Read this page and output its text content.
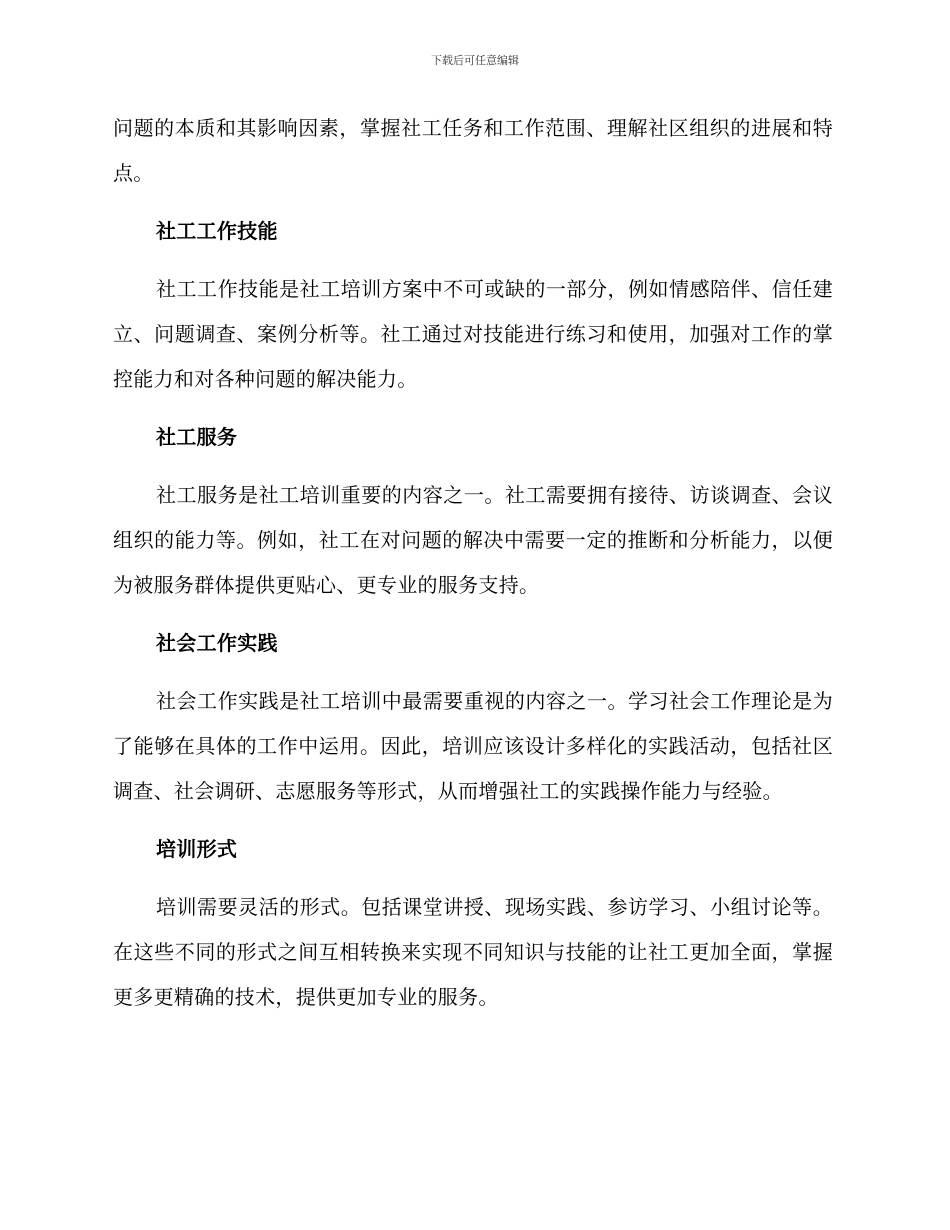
下载后可任意编辑

问题的本质和其影响因素，掌握社工任务和工作范围、理解社区组织的进展和特点。

社工工作技能

社工工作技能是社工培训方案中不可或缺的一部分，例如情感陪伴、信任建立、问题调查、案例分析等。社工通过对技能进行练习和使用，加强对工作的掌控能力和对各种问题的解决能力。

社工服务

社工服务是社工培训重要的内容之一。社工需要拥有接待、访谈调查、会议组织的能力等。例如，社工在对问题的解决中需要一定的推断和分析能力，以便为被服务群体提供更贴心、更专业的服务支持。

社会工作实践

社会工作实践是社工培训中最需要重视的内容之一。学习社会工作理论是为了能够在具体的工作中运用。因此，培训应该设计多样化的实践活动，包括社区调查、社会调研、志愿服务等形式，从而增强社工的实践操作能力与经验。

培训形式

培训需要灵活的形式。包括课堂讲授、现场实践、参访学习、小组讨论等。在这些不同的形式之间互相转换来实现不同知识与技能的让社工更加全面，掌握更多更精确的技术，提供更加专业的服务。
